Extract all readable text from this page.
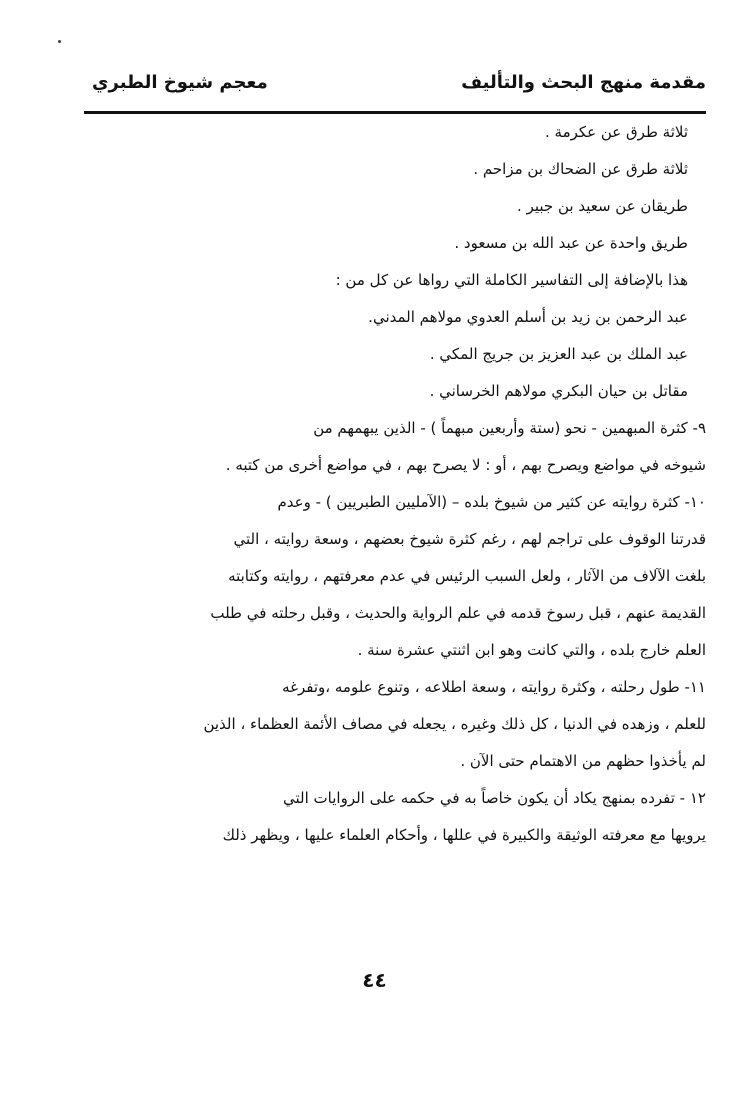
مقدمة منهج البحث والتأليف
معجم شيوخ الطبري
ثلاثة طرق عن عكرمة .
ثلاثة طرق عن الضحاك بن مزاحم .
طريقان عن سعيد بن جبير .
طريق واحدة عن عبد الله بن مسعود .
هذا بالإضافة إلى التفاسير الكاملة التي رواها عن كل من :
عبد الرحمن بن زيد بن أسلم العدوي مولاهم المدني.
عبد الملك بن عبد العزيز بن جريج المكي .
مقاتل بن حيان البكري مولاهم الخرساني .
٩- كثرة المبهمين - نحو (ستة وأربعين مبهماً ) - الذين يبهمهم من
شيوخه في مواضع ويصرح بهم ، أو : لا يصرح بهم ، في مواضع أخرى من كتبه .
١٠- كثرة روايته عن كثير من شيوخ بلده – (الآمليين الطبريين ) - وعدم
قدرتنا الوقوف على تراجم لهم ، رغم كثرة شيوخ بعضهم ، وسعة روايته ، التي
بلغت الآلاف من الآثار ، ولعل السبب الرئيس في عدم معرفتهم ، روايته وكتابته
القديمة عنهم ، قبل رسوخ قدمه في علم الرواية والحديث ، وقبل رحلته في طلب
العلم خارج بلده ، والتي كانت وهو ابن اثنتي عشرة سنة .
١١- طول رحلته ، وكثرة روايته ، وسعة اطلاعه ، وتنوع علومه ،وتفرغه
للعلم ، وزهده في الدنيا ، كل ذلك وغيره ، يجعله في مصاف الأئمة العظماء ، الذين
لم يأخذوا حظهم من الاهتمام حتى الآن .
١٢ - تفرده بمنهج يكاد أن يكون خاصاً به في حكمه على الروايات التي
يرويها مع معرفته الوثيقة والكبيرة في عللها ، وأحكام العلماء عليها ، ويظهر ذلك
٤٤
